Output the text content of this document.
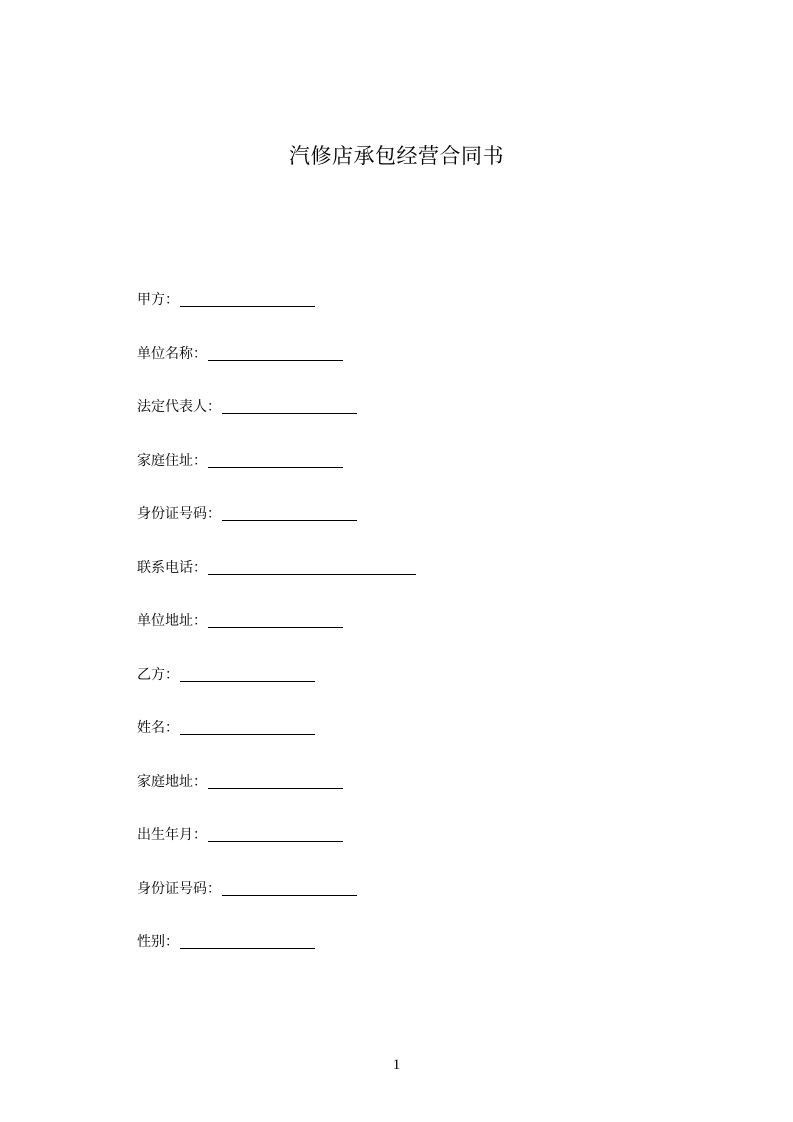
汽修店承包经营合同书
甲方：
单位名称：
法定代表人：
家庭住址：
身份证号码：
联系电话：
单位地址：
乙方：
姓名：
家庭地址：
出生年月：
身份证号码：
性别：
1
